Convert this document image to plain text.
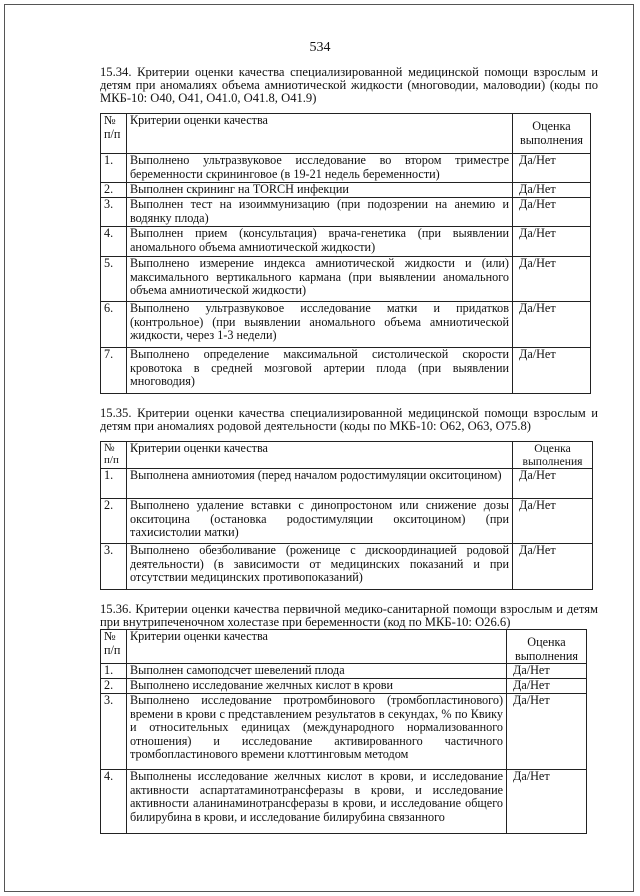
534
15.34. Критерии оценки качества специализированной медицинской помощи взрослым и детям при аномалиях объема амниотической жидкости (многоводии, маловодии) (коды по МКБ-10: O40, O41, O41.0, O41.8, O41.9)
№ п/п	Критерии оценки качества	Оценка выполнения
1.	Выполнено ультразвуковое исследование во втором триместре беременности скрининговое (в 19-21 недель беременности)	Да/Нет
2.	Выполнен скрининг на TORCH инфекции	Да/Нет
3.	Выполнен тест на изоиммунизацию (при подозрении на анемию и водянку плода)	Да/Нет
4.	Выполнен прием (консультация) врача-генетика (при выявлении аномального объема амниотической жидкости)	Да/Нет
5.	Выполнено измерение индекса амниотической жидкости и (или) максимального вертикального кармана (при выявлении аномального объема амниотической жидкости)	Да/Нет
6.	Выполнено ультразвуковое исследование матки и придатков (контрольное) (при выявлении аномального объема амниотической жидкости, через 1-3 недели)	Да/Нет
7.	Выполнено определение максимальной систолической скорости кровотока в средней мозговой артерии плода (при выявлении многоводия)	Да/Нет
15.35. Критерии оценки качества специализированной медицинской помощи взрослым и детям при аномалиях родовой деятельности (коды по МКБ-10: O62, O63, O75.8)
№ п/п	Критерии оценки качества	Оценка выполнения
1.	Выполнена амниотомия (перед началом родостимуляции окситоцином)	Да/Нет
2.	Выполнено удаление вставки с динопростоном или снижение дозы окситоцина (остановка родостимуляции окситоцином) (при тахисистолии матки)	Да/Нет
3.	Выполнено обезболивание (роженице с дискоординацией родовой деятельности) (в зависимости от медицинских показаний и при отсутствии медицинских противопоказаний)	Да/Нет
15.36. Критерии оценки качества первичной медико-санитарной помощи взрослым и детям при внутрипеченочном холестазе при беременности (код по МКБ-10: O26.6)
№ п/п	Критерии оценки качества	Оценка выполнения
1.	Выполнен самоподсчет шевелений плода	Да/Нет
2.	Выполнено исследование желчных кислот в крови	Да/Нет
3.	Выполнено исследование протромбинового (тромбопластинового) времени в крови с представлением результатов в секундах, % по Квику и относительных единицах (международного нормализованного отношения) и исследование активированного частичного тромбопластинового времени клоттинговым методом	Да/Нет
4.	Выполнены исследование желчных кислот в крови, и исследование активности аспартатаминотрансферазы в крови, и исследование активности аланинаминотрансферазы в крови, и исследование общего билирубина в крови, и исследование билирубина связанного	Да/Нет
